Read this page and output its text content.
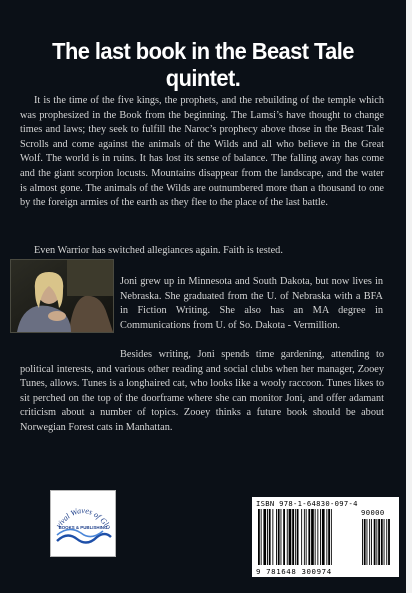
The last book in the Beast Tale quintet.

It is the time of the five kings, the prophets, and the rebuilding of the temple which was prophesized in the Book from the beginning. The Lamsi’s have thought to change times and laws; they seek to fulfill the Naroc’s prophecy above those in the Beast Tale Scrolls and come against the animals of the Wilds and all who believe in the Great Wolf. The world is in ruins. It has lost its sense of balance. The falling away has come and the giant scorpion locusts. Mountains disappear from the landscape, and the water is almost gone. The animals of the Wilds are outnumbered more than a thousand to one by the foreign armies of the earth as they flee to the place of the last battle.

Even Warrior has switched allegiances again. Faith is tested.

Joni grew up in Minnesota and South Dakota, but now lives in Nebraska. She graduated from the U. of Nebraska with a BFA in Fiction Writing. She also has an MA degree in Communications from U. of So. Dakota - Vermillion.

Besides writing, Joni spends time gardening, attending to political interests, and various other reading and social clubs when her manager, Zooey Tunes, allows. Tunes is a longhaired cat, who looks like a wooly raccoon. Tunes likes to sit perched on the top of the doorframe where she can monitor Joni, and offer adamant criticism about a number of topics. Zooey thinks a future book should be about Norwegian Forest cats in Manhattan.

vival Waves of Glo
BOOKS & PUBLISHING
ISBN 978-1-64830-097-4
90000
9 781648 300974
